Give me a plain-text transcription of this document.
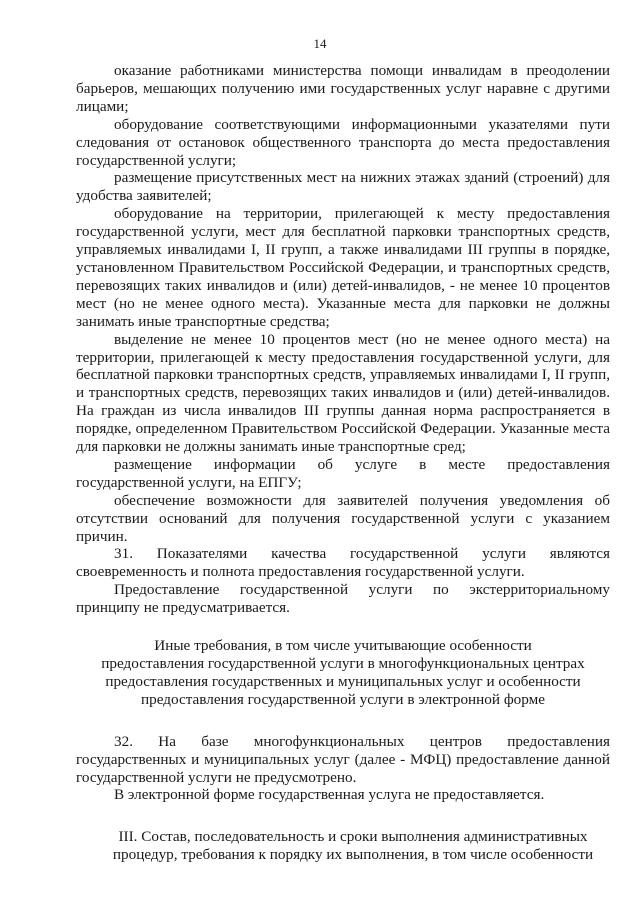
14

оказание работниками министерства помощи инвалидам в преодолении барьеров, мешающих получению ими государственных услуг наравне с другими лицами;

оборудование соответствующими информационными указателями пути следования от остановок общественного транспорта до места предоставления государственной услуги;

размещение присутственных мест на нижних этажах зданий (строений) для удобства заявителей;

оборудование на территории, прилегающей к месту предоставления государственной услуги, мест для бесплатной парковки транспортных средств, управляемых инвалидами I, II групп, а также инвалидами III группы в порядке, установленном Правительством Российской Федерации, и транспортных средств, перевозящих таких инвалидов и (или) детей-инвалидов, - не менее 10 процентов мест (но не менее одного места). Указанные места для парковки не должны занимать иные транспортные средства;

выделение не менее 10 процентов мест (но не менее одного места) на территории, прилегающей к месту предоставления государственной услуги, для бесплатной парковки транспортных средств, управляемых инвалидами I, II групп, и транспортных средств, перевозящих таких инвалидов и (или) детей-инвалидов. На граждан из числа инвалидов III группы данная норма распространяется в порядке, определенном Правительством Российской Федерации. Указанные места для парковки не должны занимать иные транспортные сред;

размещение информации об услуге в месте предоставления государственной услуги, на ЕПГУ;

обеспечение возможности для заявителей получения уведомления об отсутствии оснований для получения государственной услуги с указанием причин.

31. Показателями качества государственной услуги являются своевременность и полнота предоставления государственной услуги.

Предоставление государственной услуги по экстерриториальному принципу не предусматривается.

Иные требования, в том числе учитывающие особенности

предоставления государственной услуги в многофункциональных центрах

предоставления государственных и муниципальных услуг и особенности

предоставления государственной услуги в электронной форме

32. На базе многофункциональных центров предоставления государственных и муниципальных услуг (далее - МФЦ) предоставление данной государственной услуги не предусмотрено.

В электронной форме государственная услуга не предоставляется.

III. Состав, последовательность и сроки выполнения административных

процедур, требования к порядку их выполнения, в том числе особенности
